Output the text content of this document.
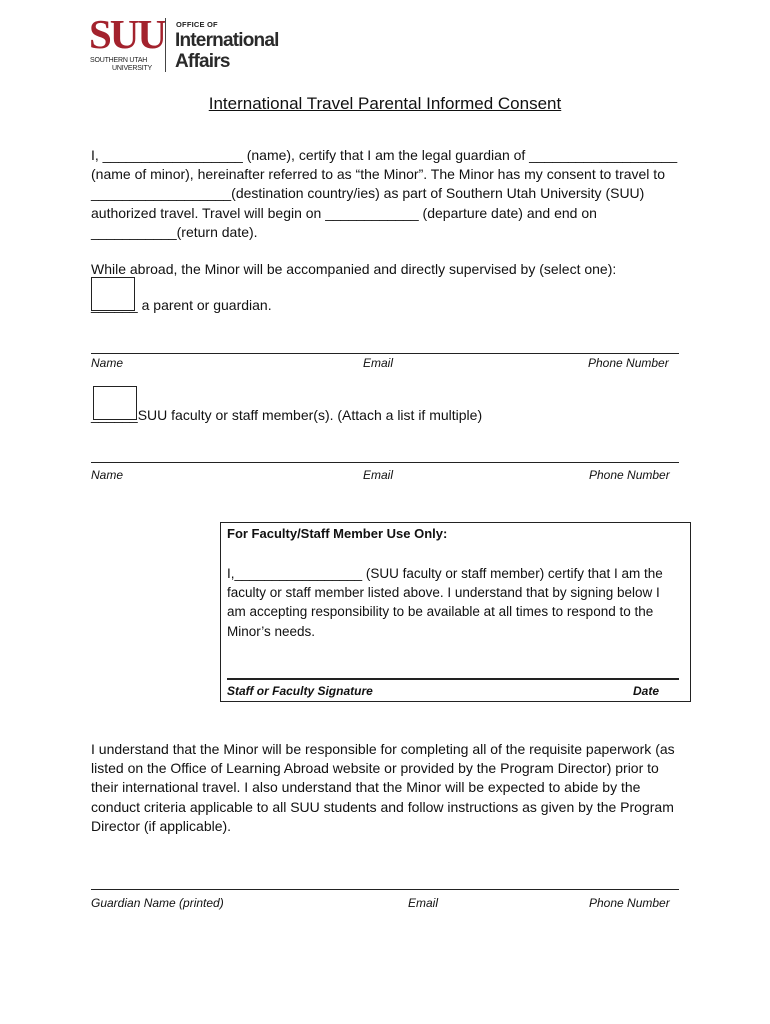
SUU
SOUTHERN UTAH
UNIVERSITY
OFFICE OF
International
Affairs
International Travel Parental Informed Consent
I, __________________ (name), certify that I am the legal guardian of ___________________
(name of minor), hereinafter referred to as “the Minor”. The Minor has my consent to travel to
__________________(destination country/ies) as part of Southern Utah University (SUU)
authorized travel. Travel will begin on ____________ (departure date) and end on
___________(return date).
While abroad, the Minor will be accompanied and directly supervised by (select one):
______ a parent or guardian.
Name	Email	Phone Number
______SUU faculty or staff member(s). (Attach a list if multiple)
Name	Email	Phone Number
For Faculty/Staff Member Use Only:
I,_________________ (SUU faculty or staff member) certify that I am the
faculty or staff member listed above. I understand that by signing below I
am accepting responsibility to be available at all times to respond to the
Minor’s needs.
Staff or Faculty Signature	Date
I understand that the Minor will be responsible for completing all of the requisite paperwork (as
listed on the Office of Learning Abroad website or provided by the Program Director) prior to
their international travel. I also understand that the Minor will be expected to abide by the
conduct criteria applicable to all SUU students and follow instructions as given by the Program
Director (if applicable).
Guardian Name (printed)	Email	Phone Number
